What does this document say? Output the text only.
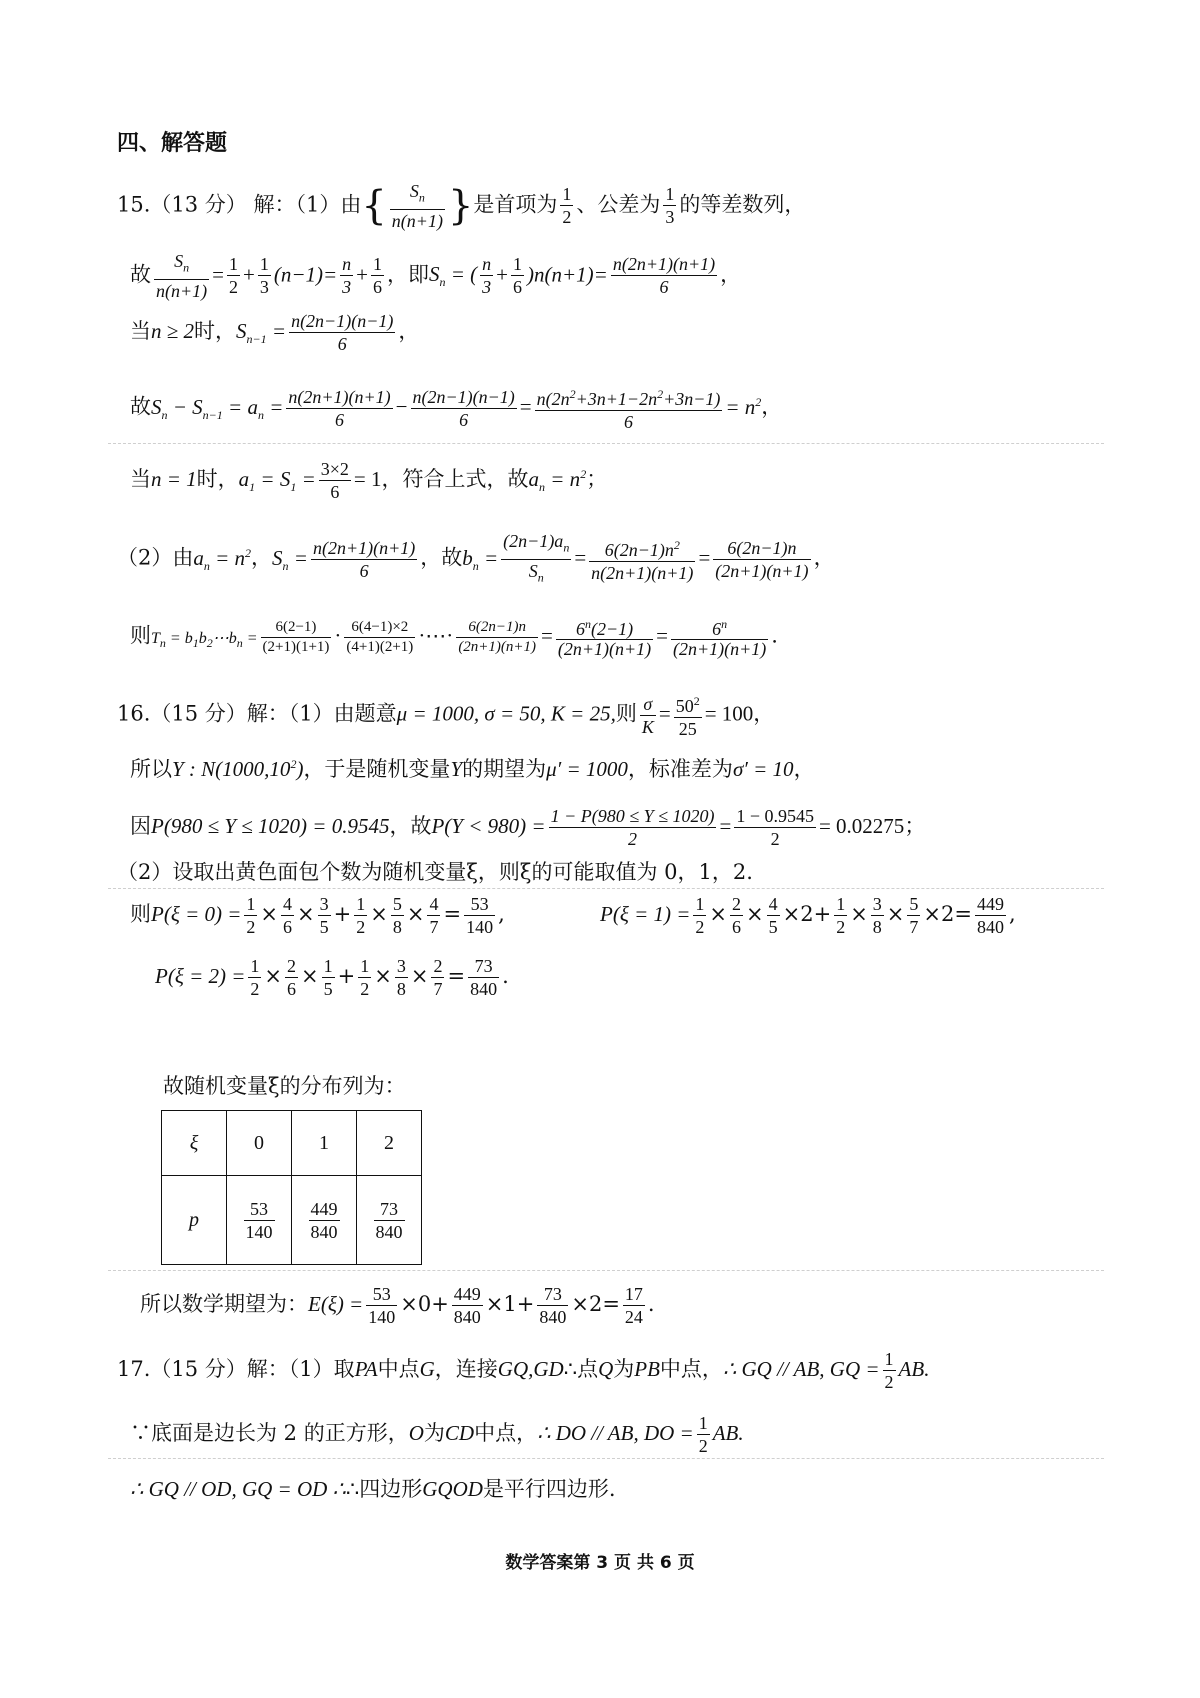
四、解答题
15.（13 分） 解：（1）由{ $\frac{S_n}{n(n+1)}$ }是首项为 $\frac{1}{2}$ 、公差为 $\frac{1}{3}$ 的等差数列，
故 $\frac{S_n}{n(n+1)} = \frac{1}{2} + \frac{1}{3} (n-1)= \frac{n}{3} + \frac{1}{6}$ ，即$S_n$ = ( $\frac{n}{3} + \frac{1}{6} )n(n+1)= \frac{n(2n+1)(n+1)}{6}$ ，
当n ≥ 2时，$S_{n-1} = \frac{n(2n-1)(n-1)}{6}$ ，
故$S_n - S_{n-1} = a_n = \frac{n(2n+1)(n+1)}{6} - \frac{n(2n-1)(n-1)}{6} = \frac{n(2n^2+3n+1-2n^2+3n-1)}{6} = n^2$，
当n = 1时，$a_1 = S_1 = \frac{3\times 2}{6} = 1$，符合上式，故$a_n = n^2$；
（2）由$a_n = n^2$，$S_n = \frac{n(2n+1)(n+1)}{6}$ ，故$b_n = \frac{(2n-1)a_n}{S_n} = \frac{6(2n-1)n^2}{n(2n+1)(n+1)} = \frac{6(2n-1)n}{(2n+1)(n+1)}$ ，
则$T_n$ = $b_1b_2\cdots b_n = \frac{6(2-1)}{(2+1)(1+1)} \cdot \frac{6(4-1)\times 2}{(4+1)(2+1)}$ ·⋯· $\frac{6(2n-1)n}{(2n+1)(n+1)} = \frac{6^n(2-1)}{(2n+1)(n+1)} = \frac{6^n}{(2n+1)(n+1)}$ .
16.（15 分）解：（1）由题意μ = 1000, σ = 50, K = 25,则 $\frac{\sigma}{K} = \frac{50^2}{25} = 100$，
所以Y : N(1000,10$^2$)，于是随机变量Y的期望为μ′ = 1000，标准差为σ′ = 10，
因P(980 ≤ Y ≤ 1020) = 0.9545，故$P(Y < 980) = \frac{1 - P(980 \le Y \le 1020)}{2} = \frac{1 - 0.9545}{2} = 0.02275$；
（2）设取出黄色面包个数为随机变量ξ，则ξ的可能取值为 0，1，2.
则$P(\xi = 0) = \frac{1}{2} \times \frac{4}{6} \times \frac{3}{5} + \frac{1}{2} \times \frac{5}{8} \times \frac{4}{7} = \frac{53}{140}$ ,	$P(\xi = 1) = \frac{1}{2} \times \frac{2}{6} \times \frac{4}{5} \times 2+ \frac{1}{2} \times \frac{3}{8} \times \frac{5}{7} \times 2= \frac{449}{840}$ ,
$P(\xi = 2) = \frac{1}{2} \times \frac{2}{6} \times \frac{1}{5} + \frac{1}{2} \times \frac{3}{8} \times \frac{2}{7} = \frac{73}{840}$ .
故随机变量ξ的分布列为：
ξ	0	1	2
p	$\frac{53}{140}$	$\frac{449}{840}$	$\frac{73}{840}$
所以数学期望为：$E(\xi) = \frac{53}{140} \times 0+ \frac{449}{840} \times 1+ \frac{73}{840} \times 2= \frac{17}{24}$ .
17.（15 分）解：（1）取PA中点G，连接GQ,GD∴点Q为PB中点，∴ GQ // AB, GQ = $\frac{1}{2}$ AB.
∵底面是边长为 2 的正方形，O为CD中点，∴ DO // AB, DO = $\frac{1}{2}$ AB.
∴ GQ // OD, GQ = OD ∴∴四边形GQOD是平行四边形.
数学答案第 3 页 共 6 页
